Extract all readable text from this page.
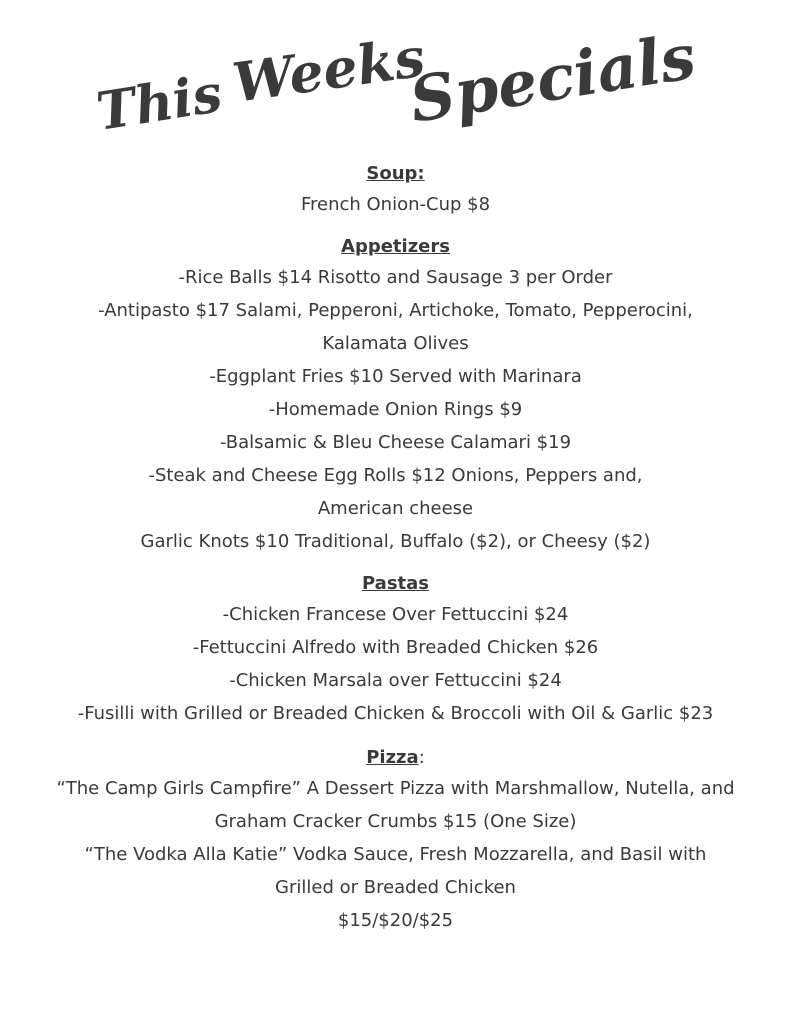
This Weeks
Specials

Soup:

French Onion-Cup $8

Appetizers

-Rice Balls $14 Risotto and Sausage 3 per Order

-Antipasto $17 Salami, Pepperoni, Artichoke, Tomato, Pepperocini,

Kalamata Olives

-Eggplant Fries $10 Served with Marinara

-Homemade Onion Rings $9

-Balsamic & Bleu Cheese Calamari $19

-Steak and Cheese Egg Rolls $12 Onions, Peppers and,

American cheese

Garlic Knots $10 Traditional, Buffalo ($2), or Cheesy ($2)

Pastas

-Chicken Francese Over Fettuccini $24

-Fettuccini Alfredo with Breaded Chicken $26

-Chicken Marsala over Fettuccini $24

-Fusilli with Grilled or Breaded Chicken & Broccoli with Oil & Garlic $23

Pizza:

“The Camp Girls Campfire” A Dessert Pizza with Marshmallow, Nutella, and

Graham Cracker Crumbs $15 (One Size)

“The Vodka Alla Katie” Vodka Sauce, Fresh Mozzarella, and Basil with

Grilled or Breaded Chicken

$15/$20/$25
